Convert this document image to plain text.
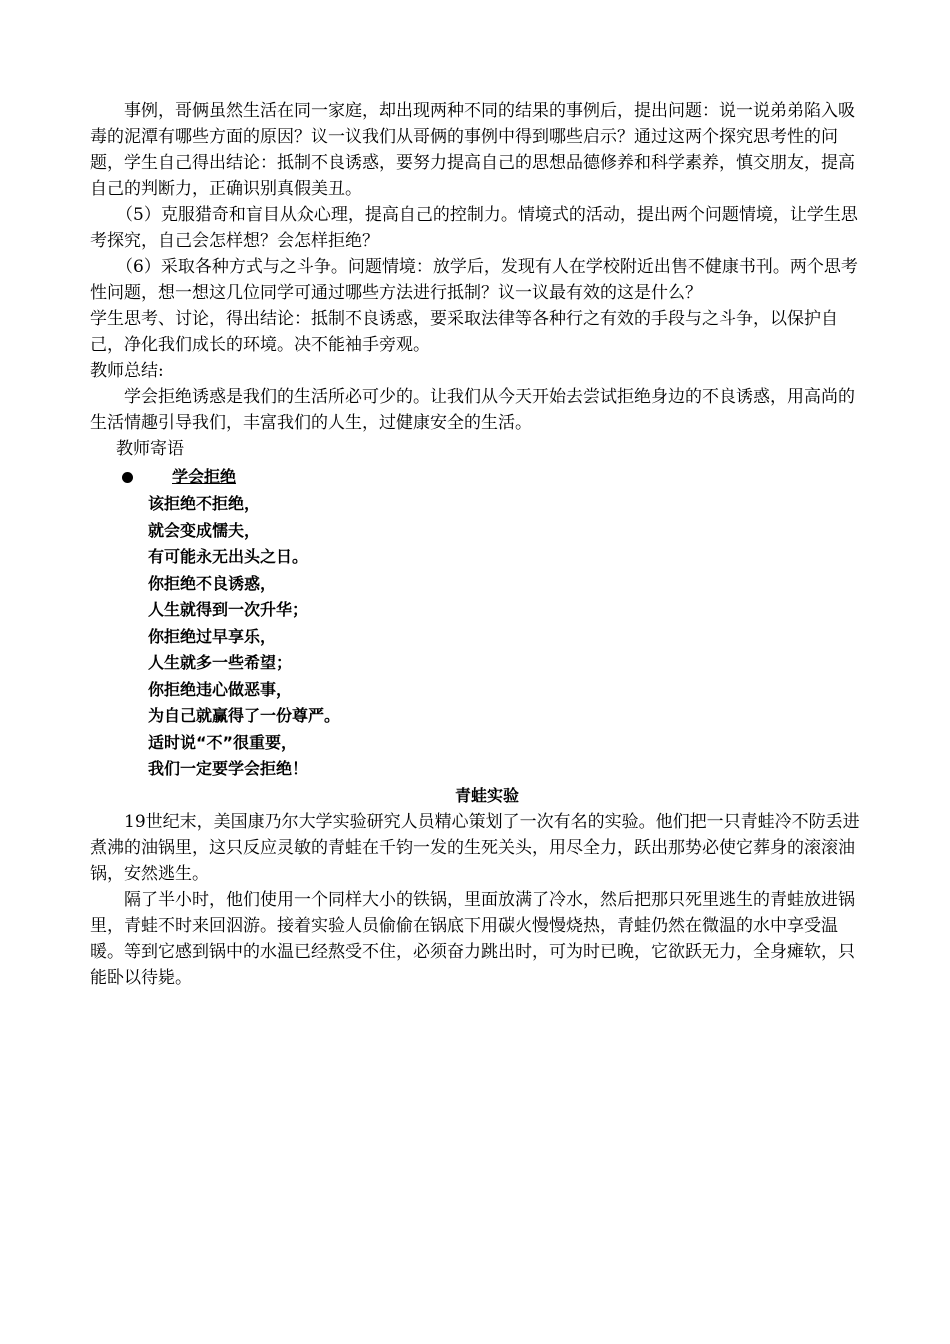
事例，哥俩虽然生活在同一家庭，却出现两种不同的结果的事例后，提出问题：说一说弟弟陷入吸毒的泥潭有哪些方面的原因？议一议我们从哥俩的事例中得到哪些启示？通过这两个探究思考性的问题，学生自己得出结论：抵制不良诱惑，要努力提高自己的思想品德修养和科学素养，慎交朋友，提高自己的判断力，正确识别真假美丑。

（5）克服猎奇和盲目从众心理，提高自己的控制力。情境式的活动，提出两个问题情境，让学生思考探究，自己会怎样想？会怎样拒绝？

（6）采取各种方式与之斗争。问题情境：放学后，发现有人在学校附近出售不健康书刊。两个思考性问题，想一想这几位同学可通过哪些方法进行抵制？议一议最有效的这是什么？

学生思考、讨论，得出结论：抵制不良诱惑，要采取法律等各种行之有效的手段与之斗争，以保护自己，净化我们成长的环境。决不能袖手旁观。

教师总结:

学会拒绝诱惑是我们的生活所必可少的。让我们从今天开始去尝试拒绝身边的不良诱惑，用高尚的生活情趣引导我们，丰富我们的人生，过健康安全的生活。

教师寄语

学会拒绝
该拒绝不拒绝，
就会变成懦夫，
有可能永无出头之日。
你拒绝不良诱惑，
人生就得到一次升华；
你拒绝过早享乐，
人生就多一些希望；
你拒绝违心做恶事，
为自己就赢得了一份尊严。
适时说“不”很重要，
我们一定要学会拒绝！

青蛙实验

19世纪末，美国康乃尔大学实验研究人员精心策划了一次有名的实验。他们把一只青蛙冷不防丢进煮沸的油锅里，这只反应灵敏的青蛙在千钧一发的生死关头，用尽全力，跃出那势必使它葬身的滚滚油锅，安然逃生。

隔了半小时，他们使用一个同样大小的铁锅，里面放满了冷水，然后把那只死里逃生的青蛙放进锅里，青蛙不时来回泅游。接着实验人员偷偷在锅底下用碳火慢慢烧热，青蛙仍然在微温的水中享受温暖。等到它感到锅中的水温已经熬受不住，必须奋力跳出时，可为时已晚，它欲跃无力，全身瘫软，只能卧以待毙。
